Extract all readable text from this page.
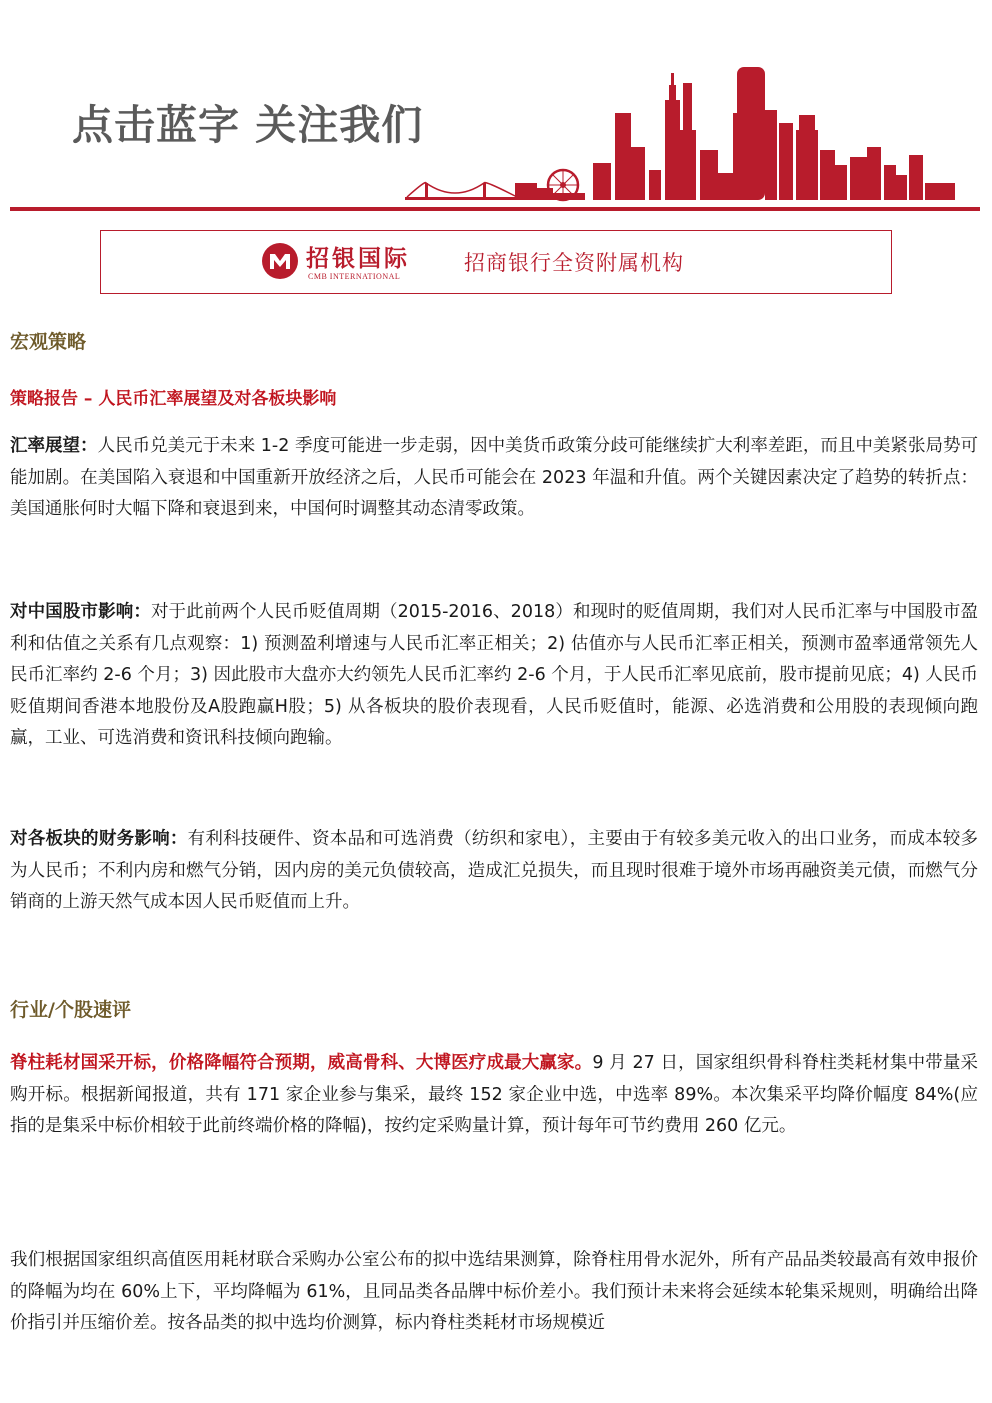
点击蓝字 关注我们
招银国际
CMB INTERNATIONAL
招商银行全资附属机构
宏观策略
策略报告 – 人民币汇率展望及对各板块影响

汇率展望：人民币兑美元于未来 1-2 季度可能进一步走弱，因中美货币政策分歧可能继续扩大利率差距，而且中美紧张局势可能加剧。在美国陷入衰退和中国重新开放经济之后，人民币可能会在 2023 年温和升值。两个关键因素决定了趋势的转折点：美国通胀何时大幅下降和衰退到来，中国何时调整其动态清零政策。

对中国股市影响：对于此前两个人民币贬值周期（2015-2016、2018）和现时的贬值周期，我们对人民币汇率与中国股市盈利和估值之关系有几点观察：1) 预测盈利增速与人民币汇率正相关；2) 估值亦与人民币汇率正相关，预测市盈率通常领先人民币汇率约 2-6 个月；3) 因此股市大盘亦大约领先人民币汇率约 2-6 个月，于人民币汇率见底前，股市提前见底；4) 人民币贬值期间香港本地股份及A股跑赢H股；5) 从各板块的股价表现看，人民币贬值时，能源、必选消费和公用股的表现倾向跑赢，工业、可选消费和资讯科技倾向跑输。

对各板块的财务影响：有利科技硬件、资本品和可选消费（纺织和家电），主要由于有较多美元收入的出口业务，而成本较多为人民币；不利内房和燃气分销，因内房的美元负债较高，造成汇兑损失，而且现时很难于境外市场再融资美元债，而燃气分销商的上游天然气成本因人民币贬值而上升。

行业/个股速评

脊柱耗材国采开标，价格降幅符合预期，威高骨科、大博医疗成最大赢家。9 月 27 日，国家组织骨科脊柱类耗材集中带量采购开标。根据新闻报道，共有 171 家企业参与集采，最终 152 家企业中选，中选率 89%。本次集采平均降价幅度 84%(应指的是集采中标价相较于此前终端价格的降幅)，按约定采购量计算，预计每年可节约费用 260 亿元。

我们根据国家组织高值医用耗材联合采购办公室公布的拟中选结果测算，除脊柱用骨水泥外，所有产品品类较最高有效申报价的降幅为均在 60%上下，平均降幅为 61%，且同品类各品牌中标价差小。我们预计未来将会延续本轮集采规则，明确给出降价指引并压缩价差。按各品类的拟中选均价测算，标内脊柱类耗材市场规模近
